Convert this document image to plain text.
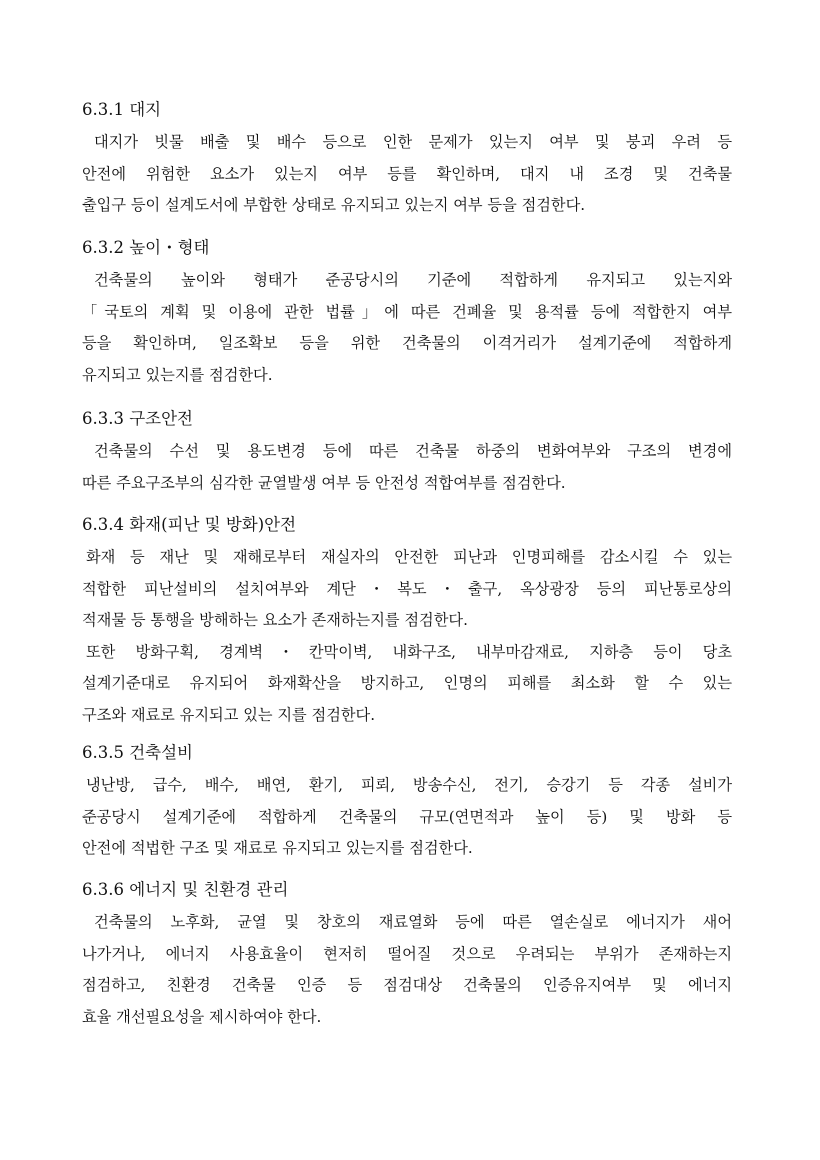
6.3.1 대지
대지가 빗물 배출 및 배수 등으로 인한 문제가 있는지 여부 및 붕괴 우려 등
안전에 위험한 요소가 있는지 여부 등를 확인하며, 대지 내 조경 및 건축물
출입구 등이 설계도서에 부합한 상태로 유지되고 있는지 여부 등을 점검한다.
6.3.2 높이・형태
건축물의 높이와 형태가 준공당시의 기준에 적합하게 유지되고 있는지와
「국토의 계획 및 이용에 관한 법률」에 따른 건폐율 및 용적률 등에 적합한지 여부
등을 확인하며, 일조확보 등을 위한 건축물의 이격거리가 설계기준에 적합하게
유지되고 있는지를 점검한다.
6.3.3 구조안전
건축물의 수선 및 용도변경 등에 따른 건축물 하중의 변화여부와 구조의 변경에
따른 주요구조부의 심각한 균열발생 여부 등 안전성 적합여부를 점검한다.
6.3.4 화재(피난 및 방화)안전
화재 등 재난 및 재해로부터 재실자의 안전한 피난과 인명피해를 감소시킬 수 있는
적합한 피난설비의 설치여부와 계단・복도・출구, 옥상광장 등의 피난통로상의
적재물 등 통행을 방해하는 요소가 존재하는지를 점검한다.
또한 방화구획, 경계벽・칸막이벽, 내화구조, 내부마감재료, 지하층 등이 당초
설계기준대로 유지되어 화재확산을 방지하고, 인명의 피해를 최소화 할 수 있는
구조와 재료로 유지되고 있는 지를 점검한다.
6.3.5 건축설비
냉난방, 급수, 배수, 배연, 환기, 피뢰, 방송수신, 전기, 승강기 등 각종 설비가
준공당시 설계기준에 적합하게 건축물의 규모(연면적과 높이 등) 및 방화 등
안전에 적법한 구조 및 재료로 유지되고 있는지를 점검한다.
6.3.6 에너지 및 친환경 관리
건축물의 노후화, 균열 및 창호의 재료열화 등에 따른 열손실로 에너지가 새어
나가거나, 에너지 사용효율이 현저히 떨어질 것으로 우려되는 부위가 존재하는지
점검하고, 친환경 건축물 인증 등 점검대상 건축물의 인증유지여부 및 에너지
효율 개선필요성을 제시하여야 한다.
